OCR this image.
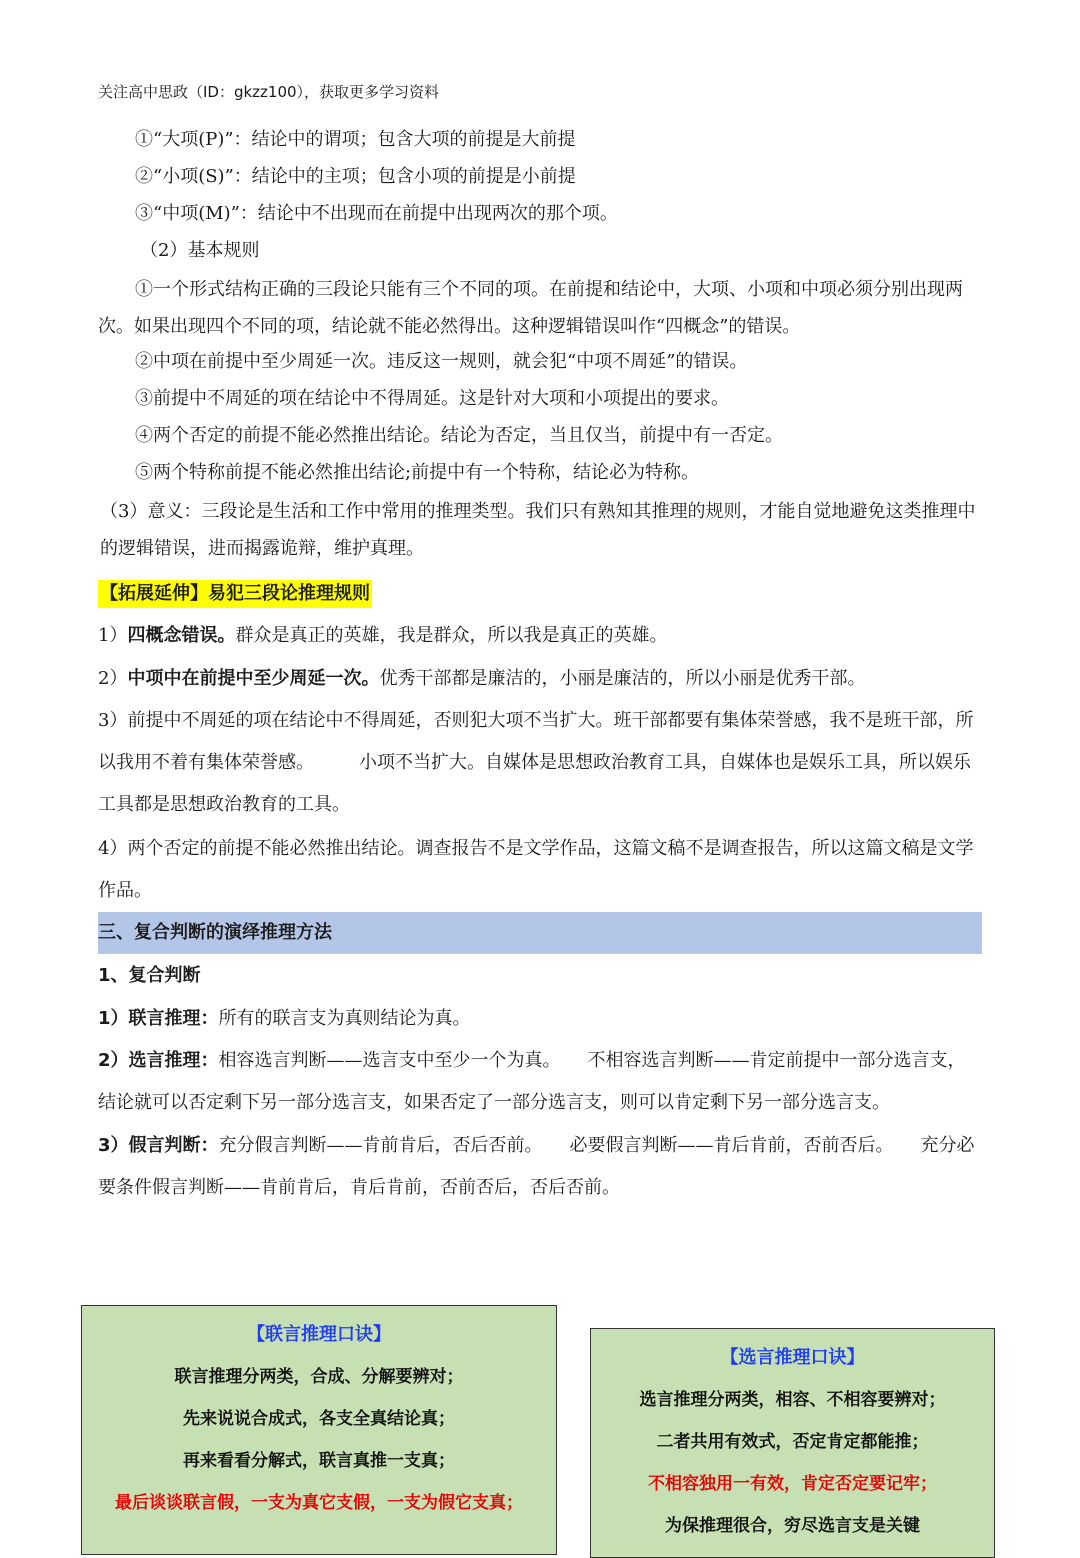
关注高中思政（ID：gkzz100），获取更多学习资料
①“大项(P)”：结论中的谓项；包含大项的前提是大前提
②“小项(S)”：结论中的主项；包含小项的前提是小前提
③“中项(M)”：结论中不出现而在前提中出现两次的那个项。
（2）基本规则
①一个形式结构正确的三段论只能有三个不同的项。在前提和结论中，大项、小项和中项必须分别出现两次。如果出现四个不同的项，结论就不能必然得出。这种逻辑错误叫作“四概念”的错误。
②中项在前提中至少周延一次。违反这一规则，就会犯“中项不周延”的错误。
③前提中不周延的项在结论中不得周延。这是针对大项和小项提出的要求。
④两个否定的前提不能必然推出结论。结论为否定，当且仅当，前提中有一否定。
⑤两个特称前提不能必然推出结论;前提中有一个特称，结论必为特称。
（3）意义：三段论是生活和工作中常用的推理类型。我们只有熟知其推理的规则，才能自觉地避免这类推理中的逻辑错误，进而揭露诡辩，维护真理。
【拓展延伸】易犯三段论推理规则
1）四概念错误。群众是真正的英雄，我是群众，所以我是真正的英雄。
2）中项中在前提中至少周延一次。优秀干部都是廉洁的，小丽是廉洁的，所以小丽是优秀干部。
3）前提中不周延的项在结论中不得周延，否则犯大项不当扩大。班干部都要有集体荣誉感，我不是班干部，所以我用不着有集体荣誉感。　　　小项不当扩大。自媒体是思想政治教育工具，自媒体也是娱乐工具，所以娱乐工具都是思想政治教育的工具。
4）两个否定的前提不能必然推出结论。调查报告不是文学作品，这篇文稿不是调查报告，所以这篇文稿是文学作品。
三、复合判断的演绎推理方法
1、复合判断
1）联言推理：所有的联言支为真则结论为真。
2）选言推理：相容选言判断——选言支中至少一个为真。　　不相容选言判断——肯定前提中一部分选言支，结论就可以否定剩下另一部分选言支，如果否定了一部分选言支，则可以肯定剩下另一部分选言支。
3）假言判断：充分假言判断——肯前肯后，否后否前。　　必要假言判断——肯后肯前，否前否后。　　充分必要条件假言判断——肯前肯后，肯后肯前，否前否后，否后否前。
【联言推理口诀】
联言推理分两类，合成、分解要辨对；
先来说说合成式，各支全真结论真；
再来看看分解式，联言真推一支真；
最后谈谈联言假，一支为真它支假，一支为假它支真；
【选言推理口诀】
选言推理分两类，相容、不相容要辨对；
二者共用有效式，否定肯定都能推；
不相容独用一有效，肯定否定要记牢；
为保推理很合，穷尽选言支是关键
